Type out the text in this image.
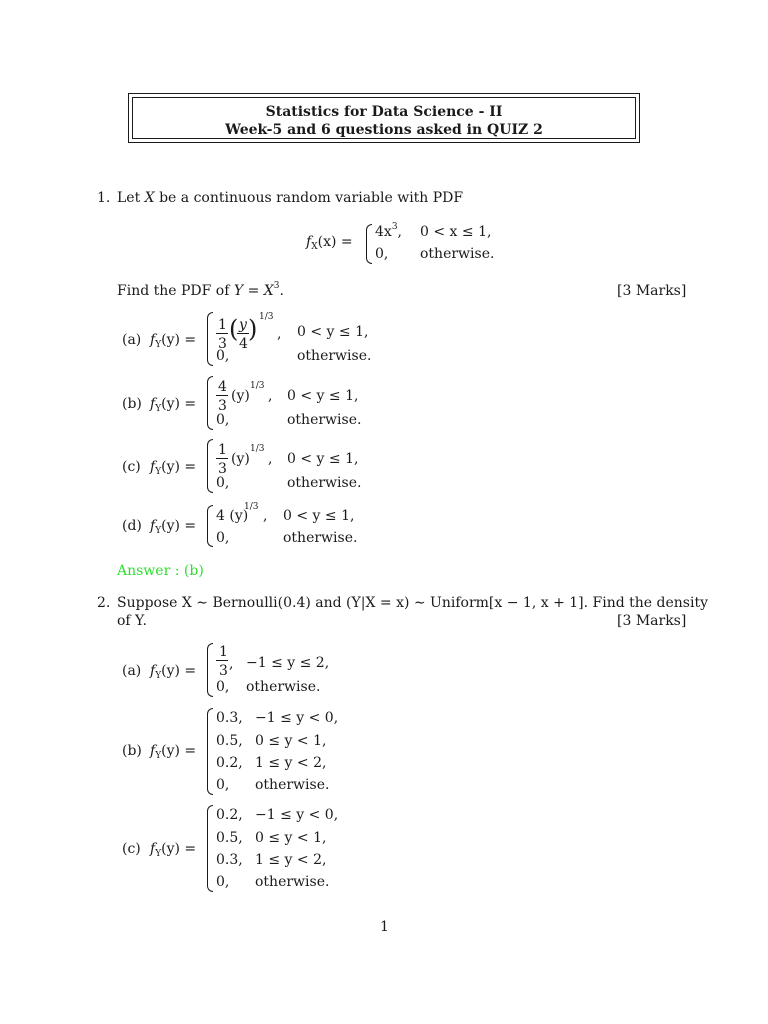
Statistics for Data Science - II
Week-5 and 6 questions asked in QUIZ 2
1. Let X be a continuous random variable with PDF
$f_X(x)$ =
$4x^3$, 0 < x ≤ 1,
0, otherwise.
Find the PDF of $Y = X^3$.	[3 Marks]
(a) $f_Y(y)$ =
1
3
( y
4
) 1/3
, 0 < y ≤ 1,
0,	otherwise.
(b) $f_Y(y)$ =
4
3
(y)
1/3
, 0 < y ≤ 1,
0,	otherwise.
(c) $f_Y(y)$ =
1
3
(y)
1/3
, 0 < y ≤ 1,
0,	otherwise.
(d) $f_Y(y)$ =
4 (y)
1/3
, 0 < y ≤ 1,
0,	otherwise.
Answer : (b)
2. Suppose X ∼ Bernoulli(0.4) and (Y|X = x) ∼ Uniform[x − 1, x + 1]. Find the density
of Y.	[3 Marks]
(a) $f_Y(y)$ =
1
3 , −1 ≤ y ≤ 2,
0, otherwise.
(b) $f_Y(y)$ =
0.3, −1 ≤ y < 0,
0.5, 0 ≤ y < 1,
0.2, 1 ≤ y < 2,
0, otherwise.
(c) $f_Y(y)$ =
0.2, −1 ≤ y < 0,
0.5, 0 ≤ y < 1,
0.3, 1 ≤ y < 2,
0, otherwise.
1
